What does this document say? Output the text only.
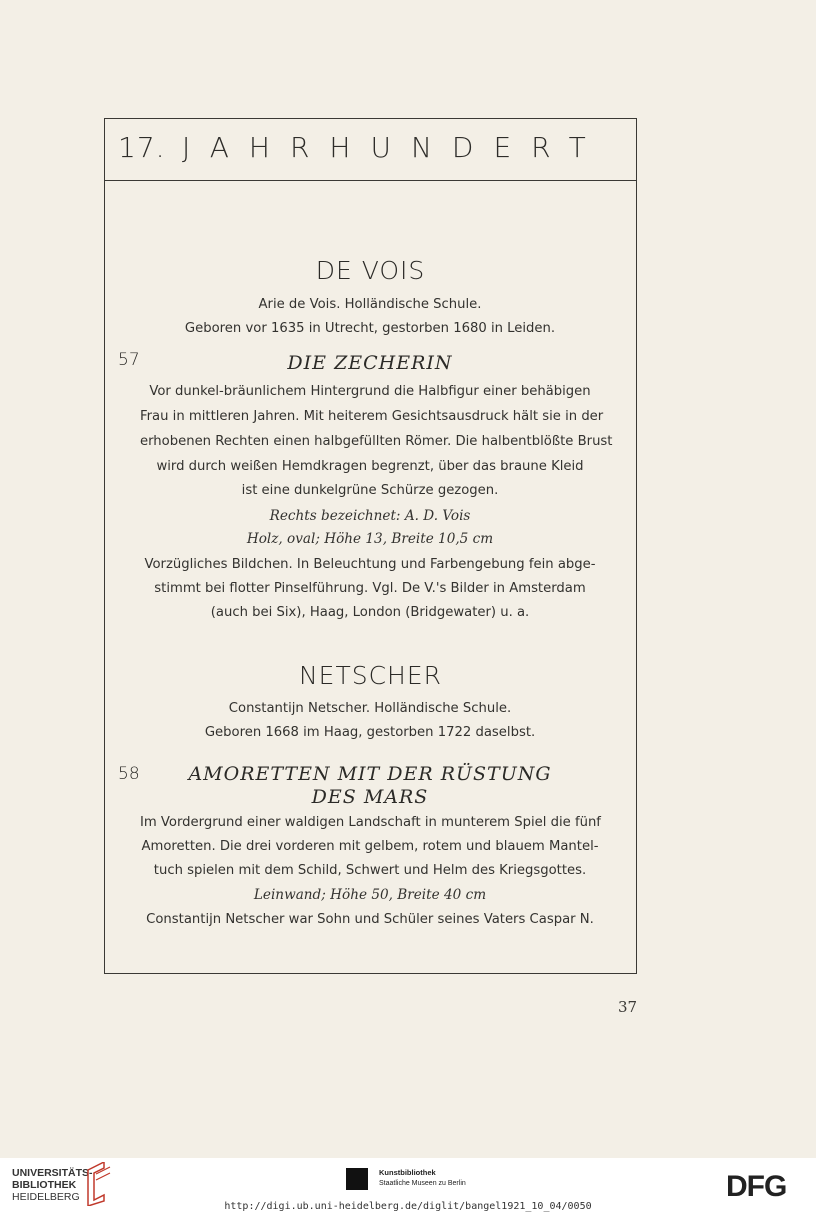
17. JAHRHUNDERT
DE VOIS
Arie de Vois. Holländische Schule.
Geboren vor 1635 in Utrecht, gestorben 1680 in Leiden.
57	DIE ZECHERIN
Vor dunkel-bräunlichem Hintergrund die Halbfigur einer behäbigen
Frau in mittleren Jahren. Mit heiterem Gesichtsausdruck hält sie in der
erhobenen Rechten einen halbgefüllten Römer. Die halbentblößte Brust
wird durch weißen Hemdkragen begrenzt, über das braune Kleid
ist eine dunkelgrüne Schürze gezogen.
Rechts bezeichnet: A. D. Vois
Holz, oval; Höhe 13, Breite 10,5 cm
Vorzügliches Bildchen. In Beleuchtung und Farbengebung fein abge-
stimmt bei flotter Pinselführung. Vgl. De V.'s Bilder in Amsterdam
(auch bei Six), Haag, London (Bridgewater) u. a.
NETSCHER
Constantijn Netscher. Holländische Schule.
Geboren 1668 im Haag, gestorben 1722 daselbst.
58	AMORETTEN MIT DER RÜSTUNG
DES MARS
Im Vordergrund einer waldigen Landschaft in munterem Spiel die fünf
Amoretten. Die drei vorderen mit gelbem, rotem und blauem Mantel-
tuch spielen mit dem Schild, Schwert und Helm des Kriegsgottes.
Leinwand; Höhe 50, Breite 40 cm
Constantijn Netscher war Sohn und Schüler seines Vaters Caspar N.
37
UNIVERSITÄTS-
BIBLIOTHEK
HEIDELBERG
Kunstbibliothek
Staatliche Museen zu Berlin	DFG
http://digi.ub.uni-heidelberg.de/diglit/bangel1921_10_04/0050
